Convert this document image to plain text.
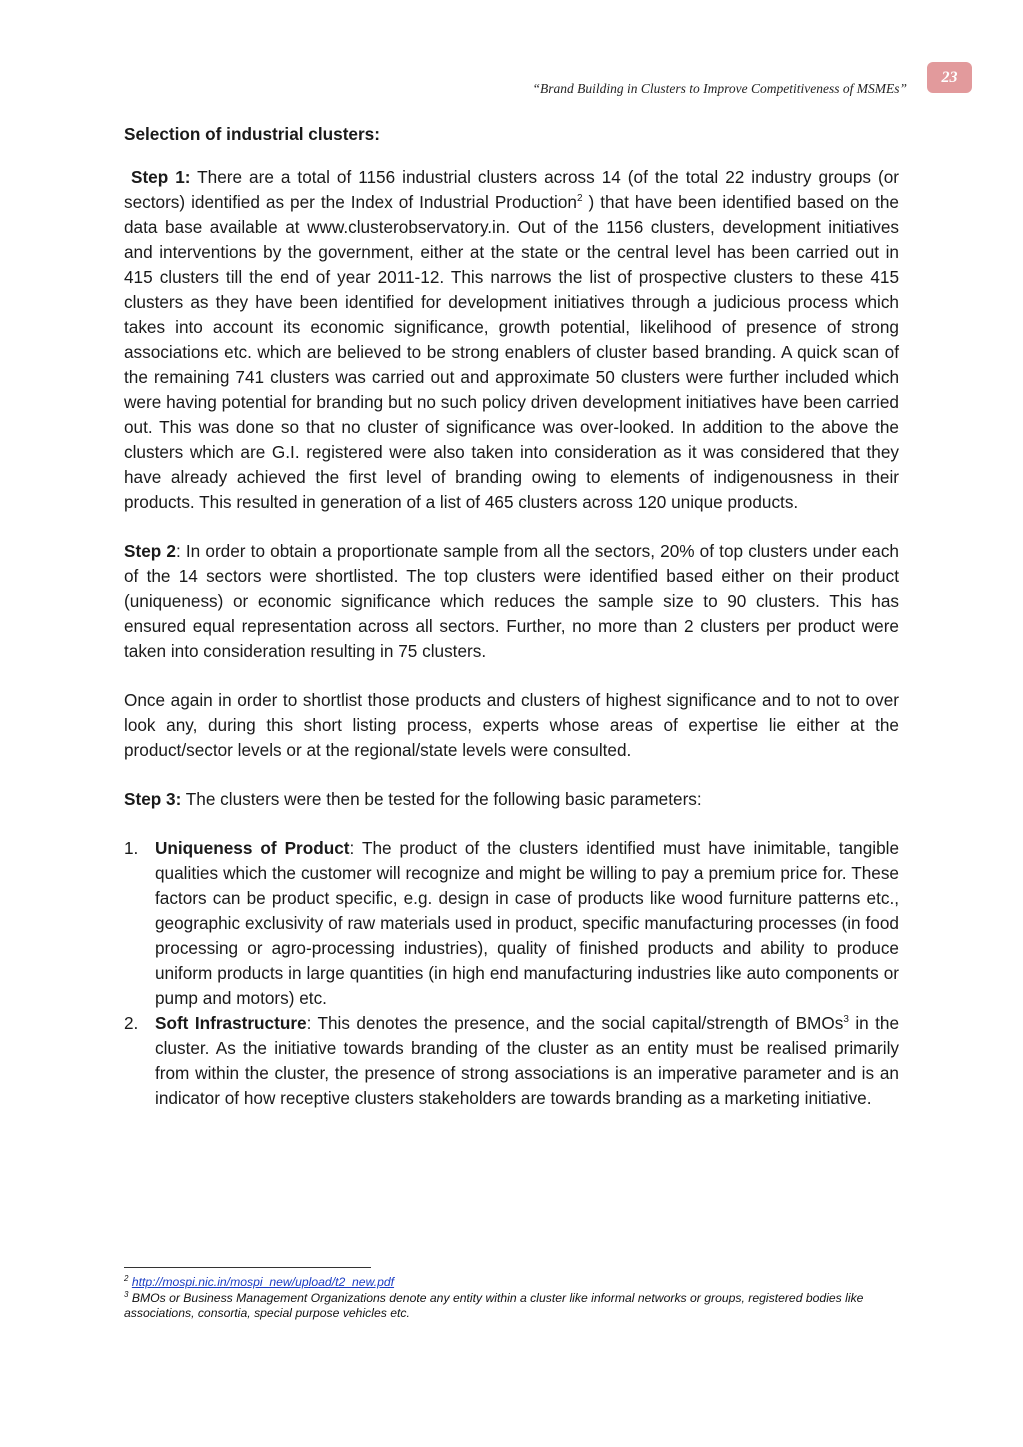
“Brand Building in Clusters to Improve Competitiveness of MSMEs”
23
Selection of industrial clusters:

Step 1: There are a total of 1156 industrial clusters across 14 (of the total 22 industry groups (or sectors) identified as per the Index of Industrial Production$^2$ ) that have been identified based on the data base available at www.clusterobservatory.in. Out of the 1156 clusters, development initiatives and interventions by the government, either at the state or the central level has been carried out in 415 clusters till the end of year 2011-12. This narrows the list of prospective clusters to these 415 clusters as they have been identified for development initiatives through a judicious process which takes into account its economic significance, growth potential, likelihood of presence of strong associations etc. which are believed to be strong enablers of cluster based branding. A quick scan of the remaining 741 clusters was carried out and approximate 50 clusters were further included which were having potential for branding but no such policy driven development initiatives have been carried out. This was done so that no cluster of significance was over-looked. In addition to the above the clusters which are G.I. registered were also taken into consideration as it was considered that they have already achieved the first level of branding owing to elements of indigenousness in their products. This resulted in generation of a list of 465 clusters across 120 unique products.

Step 2: In order to obtain a proportionate sample from all the sectors, 20% of top clusters under each of the 14 sectors were shortlisted. The top clusters were identified based either on their product (uniqueness) or economic significance which reduces the sample size to 90 clusters. This has ensured equal representation across all sectors. Further, no more than 2 clusters per product were taken into consideration resulting in 75 clusters.

Once again in order to shortlist those products and clusters of highest significance and to not to over look any, during this short listing process, experts whose areas of expertise lie either at the product/sector levels or at the regional/state levels were consulted.

Step 3: The clusters were then be tested for the following basic parameters:

1. Uniqueness of Product: The product of the clusters identified must have inimitable, tangible qualities which the customer will recognize and might be willing to pay a premium price for. These factors can be product specific, e.g. design in case of products like wood furniture patterns etc., geographic exclusivity of raw materials used in product, specific manufacturing processes (in food processing or agro-processing industries), quality of finished products and ability to produce uniform products in large quantities (in high end manufacturing industries like auto components or pump and motors) etc.
2. Soft Infrastructure: This denotes the presence, and the social capital/strength of BMOs$^3$ in the cluster. As the initiative towards branding of the cluster as an entity must be realised primarily from within the cluster, the presence of strong associations is an imperative parameter and is an indicator of how receptive clusters stakeholders are towards branding as a marketing initiative.
$^2$ http://mospi.nic.in/mospi_new/upload/t2_new.pdf
$^3$ BMOs or Business Management Organizations denote any entity within a cluster like informal networks or groups, registered bodies like associations, consortia, special purpose vehicles etc.
